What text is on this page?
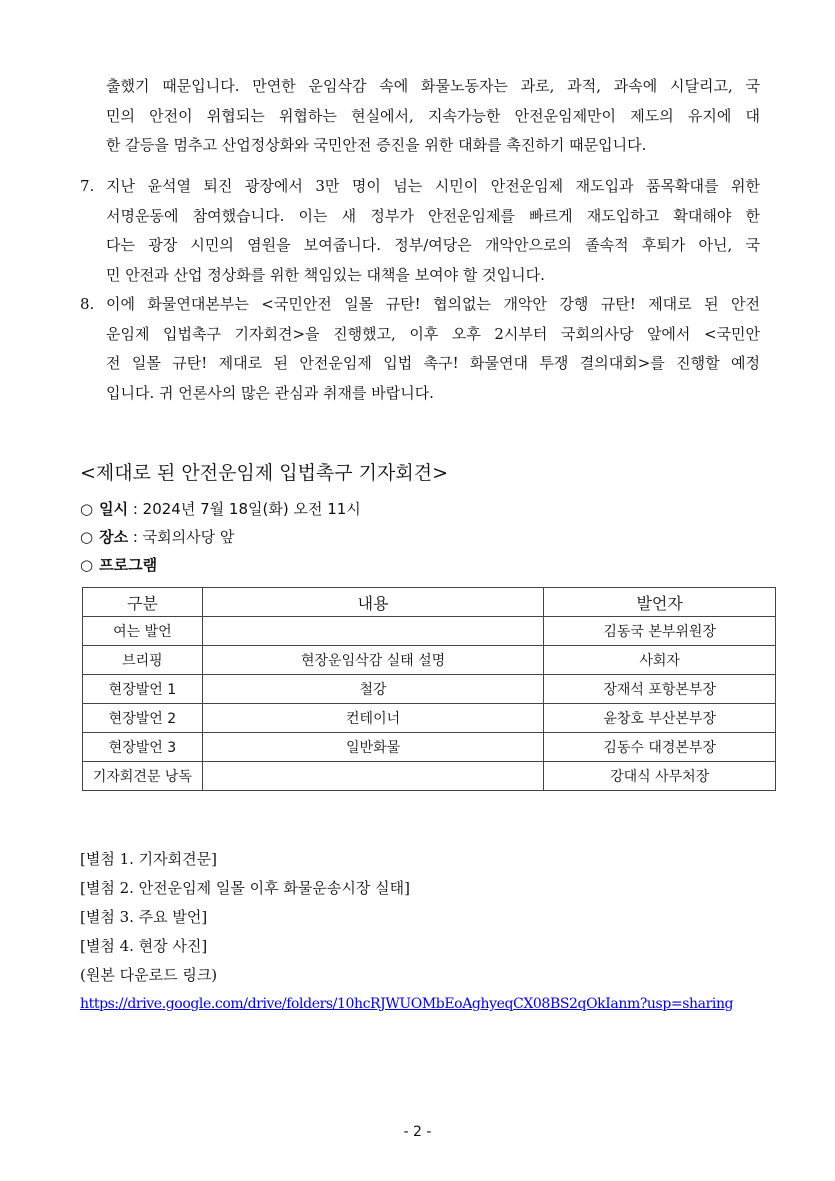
출했기 때문입니다. 만연한 운임삭감 속에 화물노동자는 과로, 과적, 과속에 시달리고, 국
민의 안전이 위협되는 위협하는 현실에서, 지속가능한 안전운임제만이 제도의 유지에 대
한 갈등을 멈추고 산업정상화와 국민안전 증진을 위한 대화를 촉진하기 때문입니다.
7. 지난 윤석열 퇴진 광장에서 3만 명이 넘는 시민이 안전운임제 재도입과 품목확대를 위한
서명운동에 참여했습니다. 이는 새 정부가 안전운임제를 빠르게 재도입하고 확대해야 한
다는 광장 시민의 염원을 보여줍니다. 정부/여당은 개악안으로의 졸속적 후퇴가 아닌, 국
민 안전과 산업 정상화를 위한 책임있는 대책을 보여야 할 것입니다.
8. 이에 화물연대본부는 <국민안전 일몰 규탄! 협의없는 개악안 강행 규탄! 제대로 된 안전
운임제 입법촉구 기자회견>을 진행했고, 이후 오후 2시부터 국회의사당 앞에서 <국민안
전 일몰 규탄! 제대로 된 안전운임제 입법 촉구! 화물연대 투쟁 결의대회>를 진행할 예정
입니다. 귀 언론사의 많은 관심과 취재를 바랍니다.
<제대로 된 안전운임제 입법촉구 기자회견>
○ 일시 : 2024년 7월 18일(화) 오전 11시
○ 장소 : 국회의사당 앞
○ 프로그램
구분	내용	발언자
여는 발언		김동국 본부위원장
브리핑	현장운임삭감 실태 설명	사회자
현장발언 1	철강	장재석 포항본부장
현장발언 2	컨테이너	윤창호 부산본부장
현장발언 3	일반화물	김동수 대경본부장
기자회견문 낭독		강대식 사무처장
[별첨 1. 기자회견문]
[별첨 2. 안전운임제 일몰 이후 화물운송시장 실태]
[별첨 3. 주요 발언]
[별첨 4. 현장 사진]
(원본 다운로드 링크)
https://drive.google.com/drive/folders/10hcRJWUOMbEoAghyeqCX08BS2qOkIanm?usp=sharing
- 2 -
